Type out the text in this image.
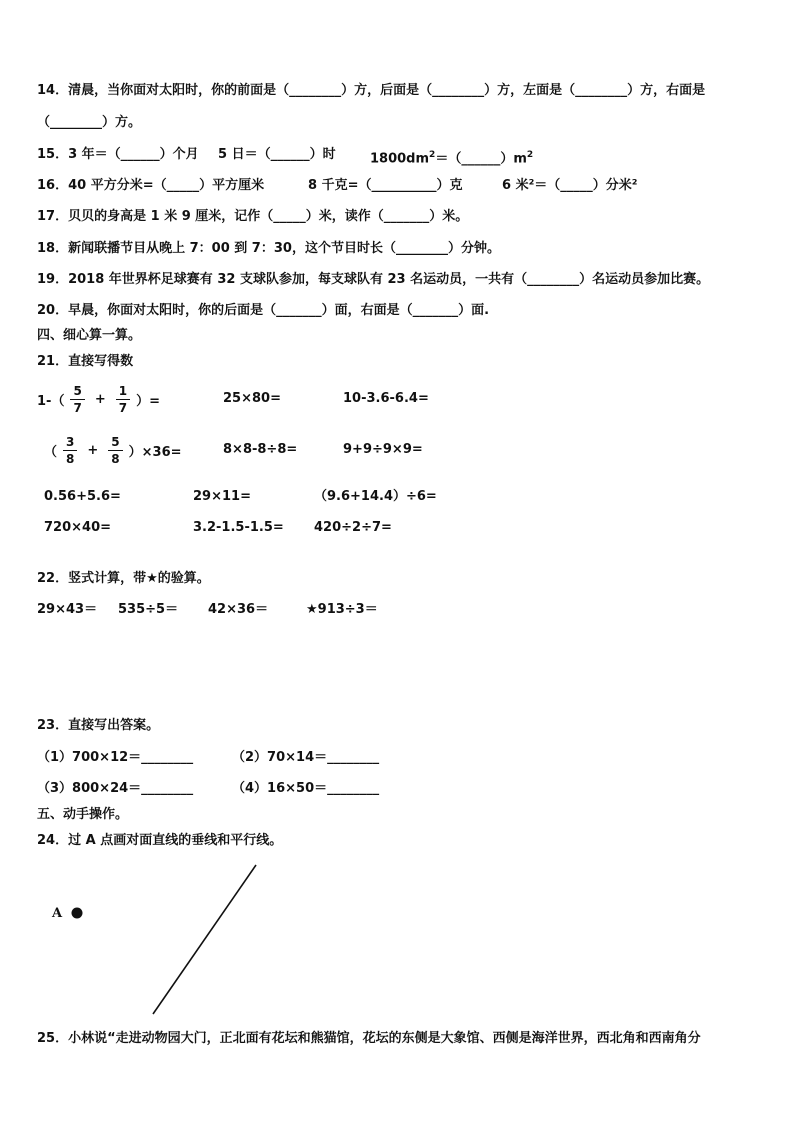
14．清晨，当你面对太阳时，你的前面是（________）方，后面是（________）方，左面是（________）方，右面是
（________）方。
15．3 年＝（______）个月 5 日＝（______）时	$1800dm^2=(\_\_\_\_\_\_)m^2$
16．40 平方分米=（_____）平方厘米	8 千克=（__________）克	6 米²＝（_____）分米²
17．贝贝的身高是 1 米 9 厘米，记作（_____）米，读作（_______）米。
18．新闻联播节目从晚上 7：00 到 7：30，这个节目时长（________）分钟。
19．2018 年世界杯足球赛有 32 支球队参加，每支球队有 23 名运动员，一共有（________）名运动员参加比赛。
20．早晨，你面对太阳时，你的后面是（_______）面，右面是（_______）面.
四、细心算一算。
21．直接写得数
$1-( \frac{5}{7} + \frac{1}{7}$ ）=	25×80=	10-3.6-6.4=
（ $\frac{3}{8} + \frac{5}{8} )\times 36=$	8×8-8÷8=	9+9÷9×9=
0.56+5.6=	29×11=	（9.6+14.4）÷6=
720×40=	3.2-1.5-1.5= 420÷2÷7=
22．竖式计算，带★的验算。
29×43＝ 535÷5＝ 42×36＝	★913÷3＝
23．直接写出答案。
（1）700×12＝________	（2）70×14＝________
（3）800×24＝________	（4）16×50＝________
五、动手操作。
24．过 A 点画对面直线的垂线和平行线。
A
25．小林说“走进动物园大门，正北面有花坛和熊猫馆，花坛的东侧是大象馆、西侧是海洋世界，西北角和西南角分
